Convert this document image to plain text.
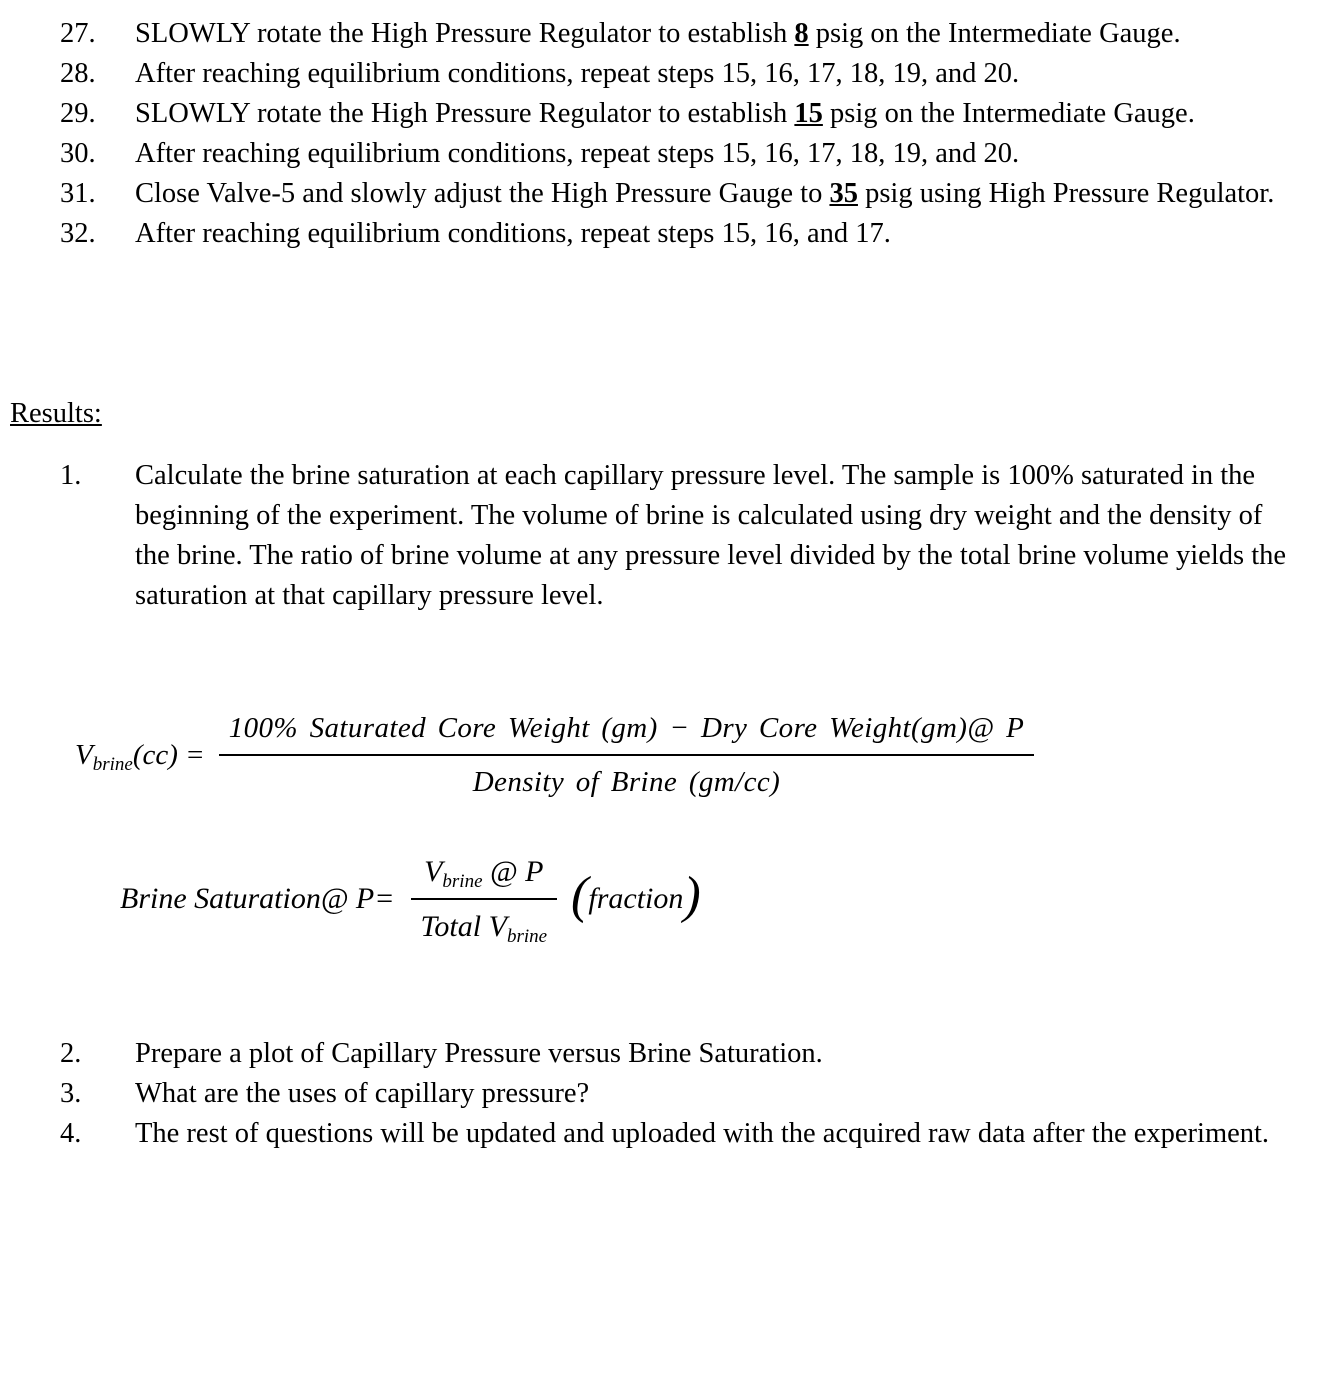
27.	SLOWLY rotate the High Pressure Regulator to establish 8 psig on the Intermediate Gauge.
28.	After reaching equilibrium conditions, repeat steps 15, 16, 17, 18, 19, and 20.
29.	SLOWLY rotate the High Pressure Regulator to establish 15 psig on the Intermediate Gauge.
30.	After reaching equilibrium conditions, repeat steps 15, 16, 17, 18, 19, and 20.
31.	Close Valve-5 and slowly adjust the High Pressure Gauge to 35 psig using High Pressure Regulator.
32.	After reaching equilibrium conditions, repeat steps 15, 16, and 17.
Results:
1.	Calculate the brine saturation at each capillary pressure level. The sample is 100% saturated in the beginning of the experiment. The volume of brine is calculated using dry weight and the density of the brine. The ratio of brine volume at any pressure level divided by the total brine volume yields the saturation at that capillary pressure level.
$V_{brine}(cc) = \frac{\text{100\% Saturated Core Weight (gm) − Dry Core Weight(gm)@ P}}{\text{Density of Brine (gm/cc)}}$
Brine Saturation@ $P= \frac{V_{brine} @ P}{Total V_{brine}}$ (fraction)
2.	Prepare a plot of Capillary Pressure versus Brine Saturation.
3.	What are the uses of capillary pressure?
4.	The rest of questions will be updated and uploaded with the acquired raw data after the experiment.
